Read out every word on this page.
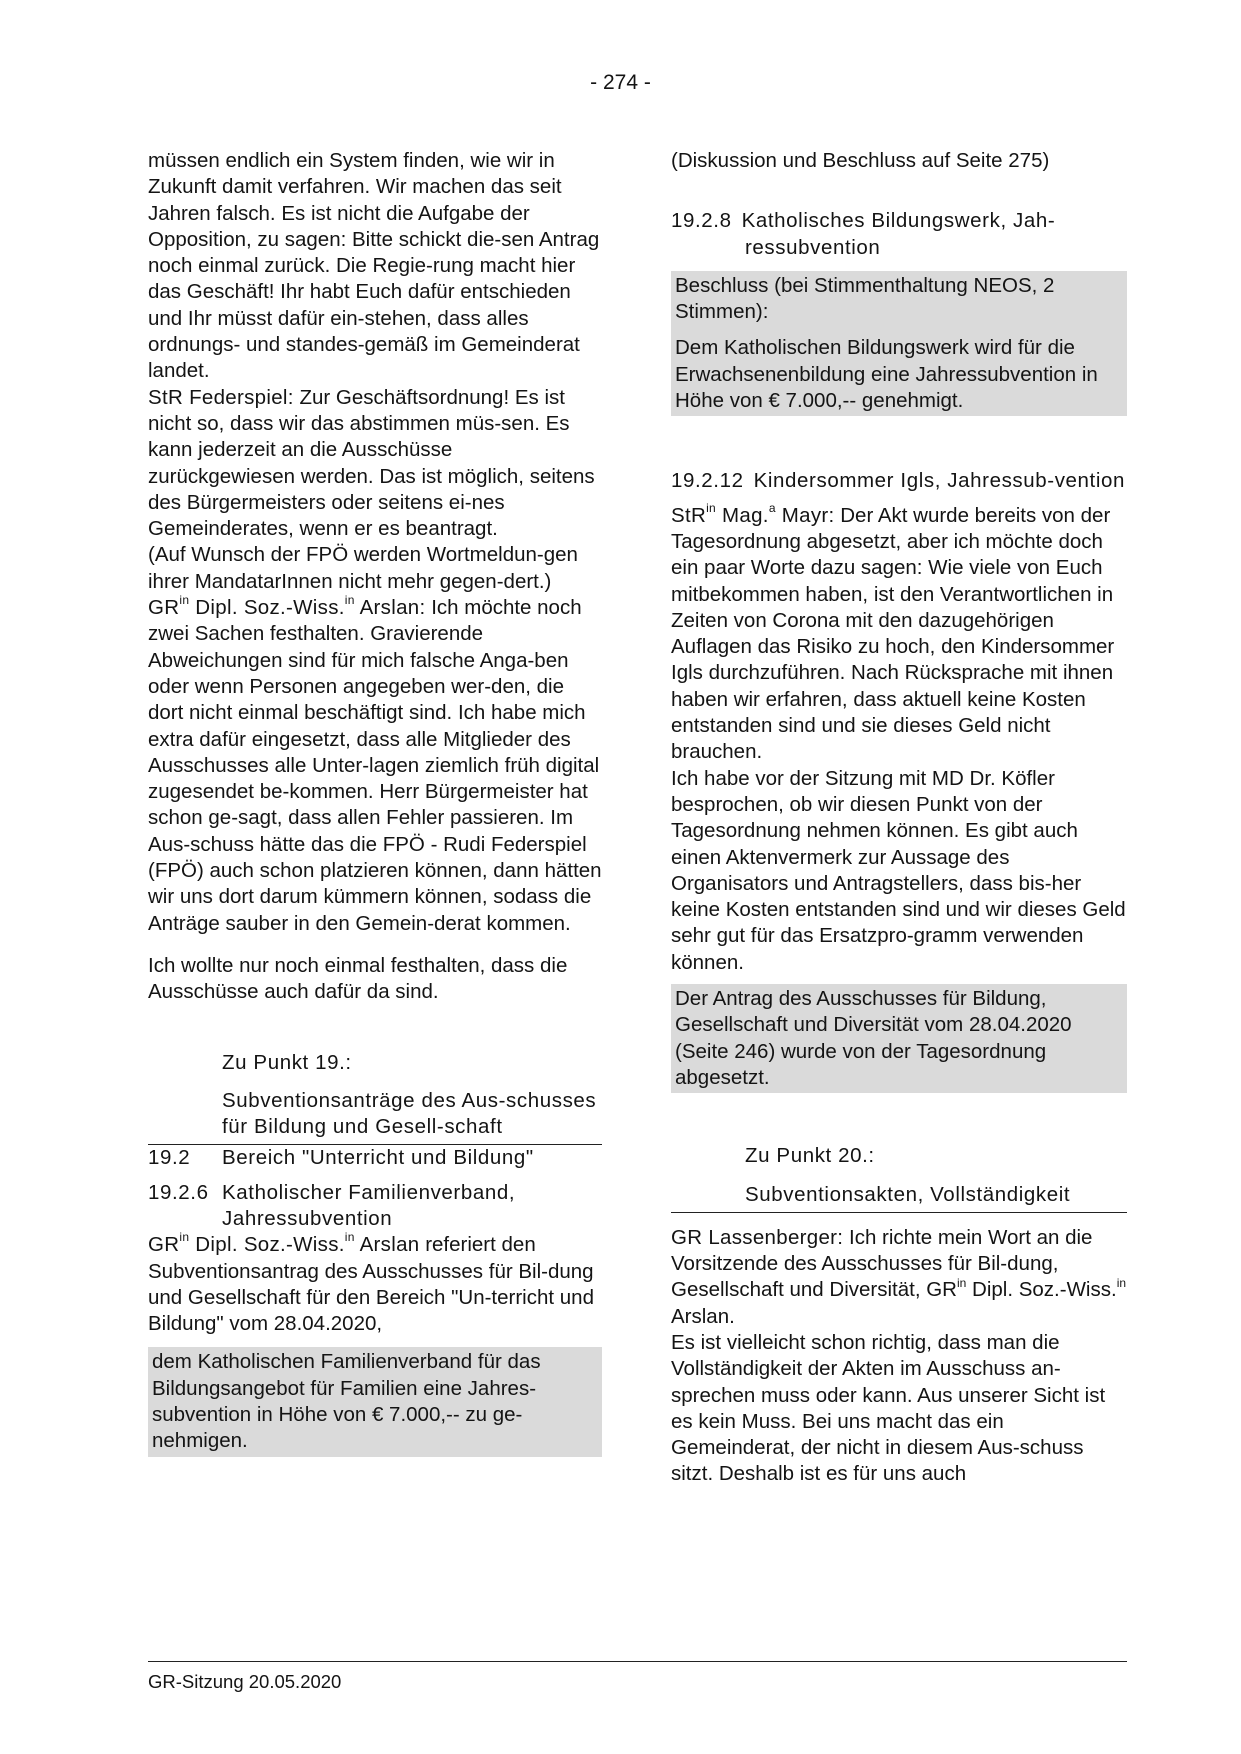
- 274 -

müssen endlich ein System finden, wie wir in Zukunft damit verfahren. Wir machen das seit Jahren falsch. Es ist nicht die Aufgabe der Opposition, zu sagen: Bitte schickt die-sen Antrag noch einmal zurück. Die Regie-rung macht hier das Geschäft! Ihr habt Euch dafür entschieden und Ihr müsst dafür ein-stehen, dass alles ordnungs- und standes-gemäß im Gemeinderat landet.

StR Federspiel: Zur Geschäftsordnung! Es ist nicht so, dass wir das abstimmen müs-sen. Es kann jederzeit an die Ausschüsse zurückgewiesen werden. Das ist möglich, seitens des Bürgermeisters oder seitens ei-nes Gemeinderates, wenn er es beantragt.

(Auf Wunsch der FPÖ werden Wortmeldun-gen ihrer MandatarInnen nicht mehr gegen-dert.)

$GR^{in}$ Dipl. Soz.-Wiss.$^{in}$ Arslan: Ich möchte noch zwei Sachen festhalten. Gravierende Abweichungen sind für mich falsche Anga-ben oder wenn Personen angegeben wer-den, die dort nicht einmal beschäftigt sind. Ich habe mich extra dafür eingesetzt, dass alle Mitglieder des Ausschusses alle Unter-lagen ziemlich früh digital zugesendet be-kommen. Herr Bürgermeister hat schon ge-sagt, dass allen Fehler passieren. Im Aus-schuss hätte das die FPÖ - Rudi Federspiel (FPÖ) auch schon platzieren können, dann hätten wir uns dort darum kümmern können, sodass die Anträge sauber in den Gemein-derat kommen.

Ich wollte nur noch einmal festhalten, dass die Ausschüsse auch dafür da sind.

Zu Punkt 19.:

Subventionsanträge des Aus-schusses für Bildung und Gesell-schaft

19.2 Bereich "Unterricht und Bildung"

19.2.6 Katholischer Familienverband, Jahressubvention

$GR^{in}$ Dipl. Soz.-Wiss.$^{in}$ Arslan referiert den Subventionsantrag des Ausschusses für Bil-dung und Gesellschaft für den Bereich "Un-terricht und Bildung" vom 28.04.2020,

dem Katholischen Familienverband für das Bildungsangebot für Familien eine Jahres-subvention in Höhe von € 7.000,-- zu ge-nehmigen.

(Diskussion und Beschluss auf Seite 275)

19.2.8 Katholisches Bildungswerk, Jah-ressubvention

Beschluss (bei Stimmenthaltung NEOS, 2 Stimmen):

Dem Katholischen Bildungswerk wird für die Erwachsenenbildung eine Jahressubvention in Höhe von € 7.000,-- genehmigt.

19.2.12 Kindersommer Igls, Jahressub-vention

StR$^{in}$ Mag.$^a$ Mayr: Der Akt wurde bereits von der Tagesordnung abgesetzt, aber ich möchte doch ein paar Worte dazu sagen: Wie viele von Euch mitbekommen haben, ist den Verantwortlichen in Zeiten von Corona mit den dazugehörigen Auflagen das Risiko zu hoch, den Kindersommer Igls durchzuführen. Nach Rücksprache mit ihnen haben wir erfahren, dass aktuell keine Kosten entstanden sind und sie dieses Geld nicht brauchen.

Ich habe vor der Sitzung mit MD Dr. Köfler besprochen, ob wir diesen Punkt von der Tagesordnung nehmen können. Es gibt auch einen Aktenvermerk zur Aussage des Organisators und Antragstellers, dass bis-her keine Kosten entstanden sind und wir dieses Geld sehr gut für das Ersatzpro-gramm verwenden können.

Der Antrag des Ausschusses für Bildung, Gesellschaft und Diversität vom 28.04.2020 (Seite 246) wurde von der Tagesordnung abgesetzt.

Zu Punkt 20.:

Subventionsakten, Vollständigkeit

GR Lassenberger: Ich richte mein Wort an die Vorsitzende des Ausschusses für Bil-dung, Gesellschaft und Diversität, $GR^{in}$ Dipl. Soz.-Wiss.$^{in}$ Arslan.

Es ist vielleicht schon richtig, dass man die Vollständigkeit der Akten im Ausschuss an-sprechen muss oder kann. Aus unserer Sicht ist es kein Muss. Bei uns macht das ein Gemeinderat, der nicht in diesem Aus-schuss sitzt. Deshalb ist es für uns auch

GR-Sitzung 20.05.2020
